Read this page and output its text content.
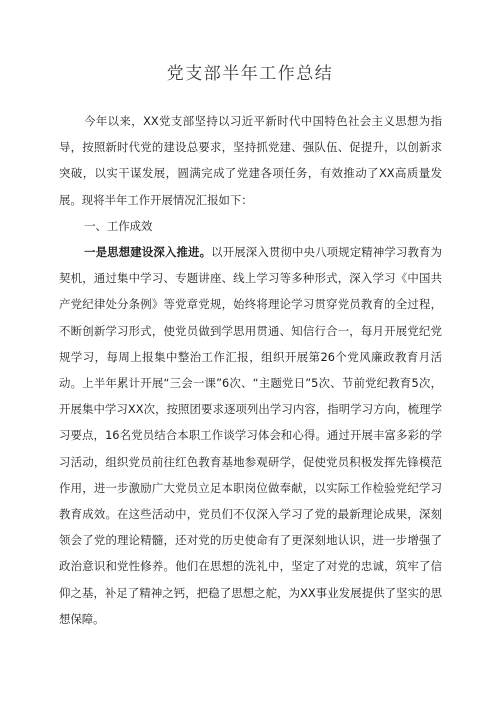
党支部半年工作总结

今年以来，XX党支部坚持以习近平新时代中国特色社会主义思想为指导，按照新时代党的建设总要求，坚持抓党建、强队伍、促提升，以创新求突破，以实干谋发展，圆满完成了党建各项任务，有效推动了XX高质量发展。现将半年工作开展情况汇报如下：

一、工作成效

一是思想建设深入推进。以开展深入贯彻中央八项规定精神学习教育为契机，通过集中学习、专题讲座、线上学习等多种形式，深入学习《中国共产党纪律处分条例》等党章党规，始终将理论学习贯穿党员教育的全过程，不断创新学习形式，使党员做到学思用贯通、知信行合一，每月开展党纪党规学习，每周上报集中整治工作汇报，组织开展第26个党风廉政教育月活动。上半年累计开展“三会一课”6次、“主题党日”5次、节前党纪教育5次，开展集中学习XX次，按照团要求逐项列出学习内容，指明学习方向，梳理学习要点，16名党员结合本职工作谈学习体会和心得。通过开展丰富多彩的学习活动，组织党员前往红色教育基地参观研学，促使党员积极发挥先锋模范作用，进一步激励广大党员立足本职岗位做奉献，以实际工作检验党纪学习教育成效。在这些活动中，党员们不仅深入学习了党的最新理论成果，深刻领会了党的理论精髓，还对党的历史使命有了更深刻地认识，进一步增强了政治意识和党性修养。他们在思想的洗礼中，坚定了对党的忠诚，筑牢了信仰之基，补足了精神之钙，把稳了思想之舵，为XX事业发展提供了坚实的思想保障。
